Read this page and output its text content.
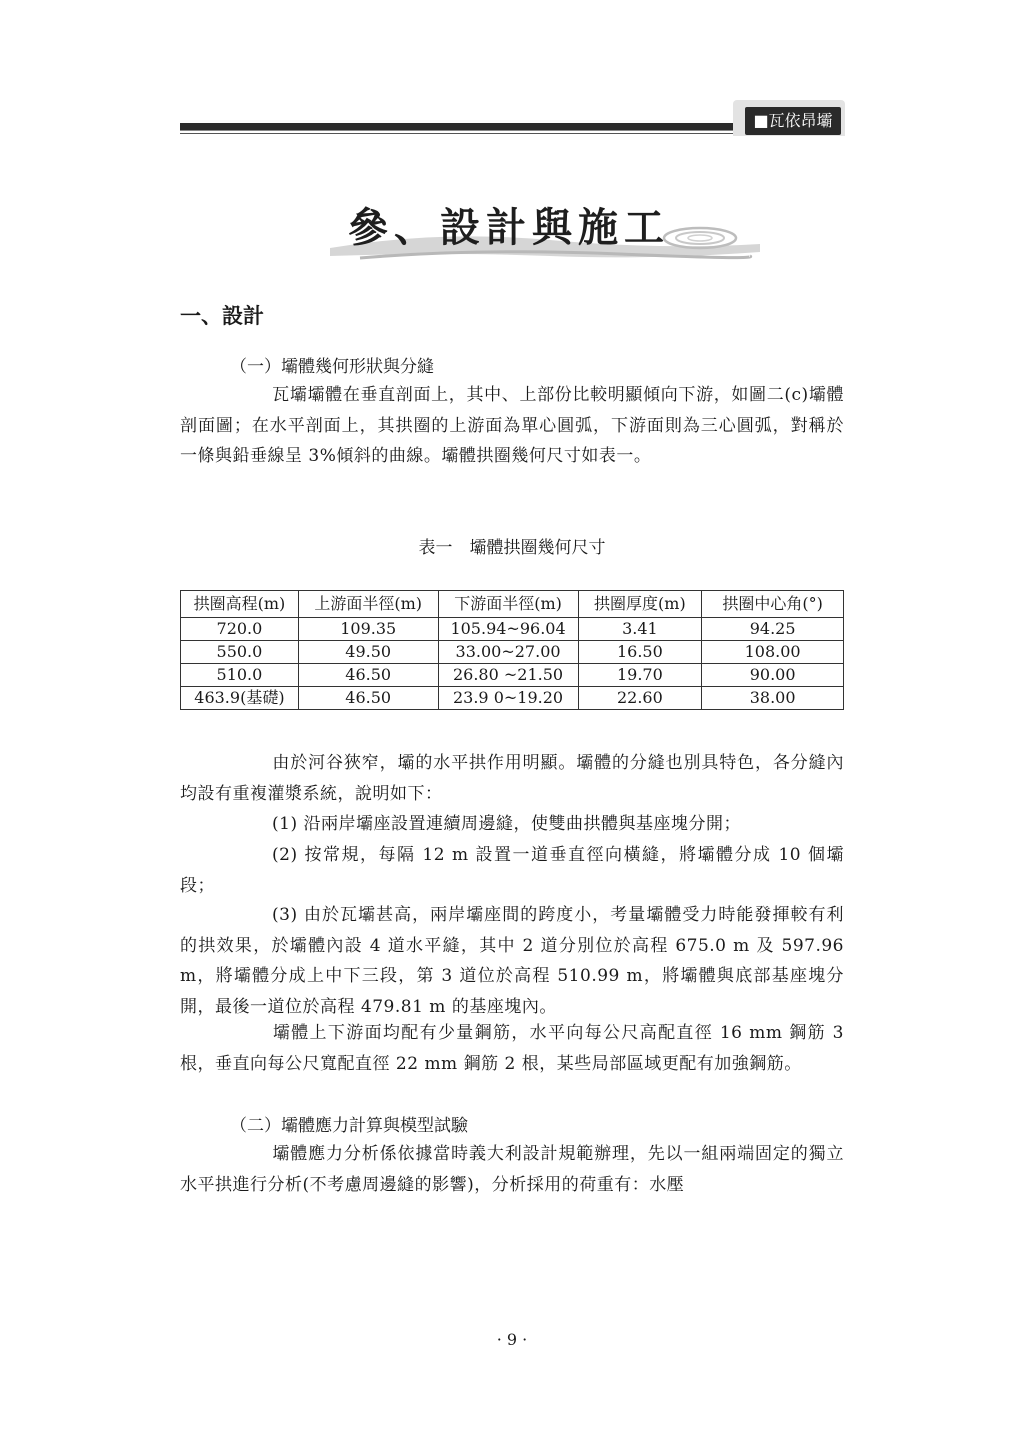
■瓦依昂壩
參、設計與施工
一、設計
（一）壩體幾何形狀與分縫
瓦壩壩體在垂直剖面上，其中、上部份比較明顯傾向下游，如圖二(c)壩體剖面圖；在水平剖面上，其拱圈的上游面為單心圓弧，下游面則為三心圓弧，對稱於一條與鉛垂線呈 3%傾斜的曲線。壩體拱圈幾何尺寸如表一。
表一　壩體拱圈幾何尺寸
拱圈高程(m)	上游面半徑(m)	下游面半徑(m)	拱圈厚度(m)	拱圈中心角(°)
720.0	109.35	105.94~96.04	3.41	94.25
550.0	49.50	33.00~27.00	16.50	108.00
510.0	46.50	26.80 ~21.50	19.70	90.00
463.9(基礎)	46.50	23.9 0~19.20	22.60	38.00
由於河谷狹窄，壩的水平拱作用明顯。壩體的分縫也別具特色，各分縫內均設有重複灌漿系統，說明如下：
(1) 沿兩岸壩座設置連續周邊縫，使雙曲拱體與基座塊分開；
(2) 按常規，每隔 12 m 設置一道垂直徑向橫縫，將壩體分成 10 個壩段；
(3) 由於瓦壩甚高，兩岸壩座間的跨度小，考量壩體受力時能發揮較有利的拱效果，於壩體內設 4 道水平縫，其中 2 道分別位於高程 675.0 m 及 597.96 m，將壩體分成上中下三段，第 3 道位於高程 510.99 m，將壩體與底部基座塊分開，最後一道位於高程 479.81 m 的基座塊內。
壩體上下游面均配有少量鋼筋，水平向每公尺高配直徑 16 mm 鋼筋 3 根，垂直向每公尺寬配直徑 22 mm 鋼筋 2 根，某些局部區域更配有加強鋼筋。
（二）壩體應力計算與模型試驗
壩體應力分析係依據當時義大利設計規範辦理，先以一組兩端固定的獨立水平拱進行分析(不考慮周邊縫的影響)，分析採用的荷重有：水壓
· 9 ·
